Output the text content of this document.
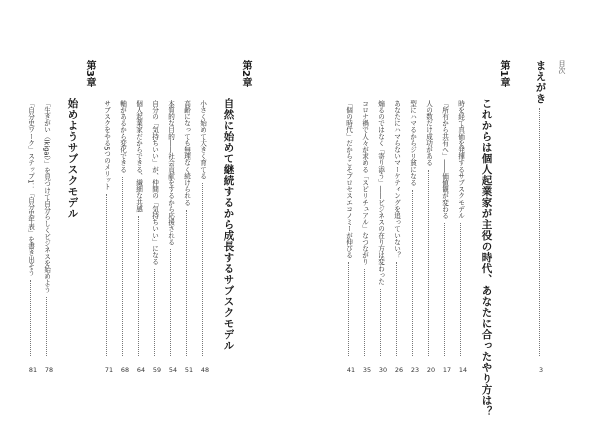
目次
まえがき
3
第1章
これからは個人起業家が主役の時代、あなたに合ったやり方は？
時を経て真価を発揮するサブスクモデル
14
「所有から共有へ」――価値観が変わる
17
人の数だけ成功がある
20
型にハマるからジリ貧になる
23
あなたにハマらないマーケティングを追っていない？
26
煽るのではなく「寄り添う」――ビジネスの在り方は変わった
30
コロナ禍で人々が求める「スピリチュアル」なつながり
35
「個の時代」だからこそプロセスエコノミーが伸びる
41
第2章
自然に始めて継続するから成長するサブスクモデル
小さく始めて大きく育てる
48
高齢になっても無理なく続けられる
51
本質的な目的――社会貢献をするから応援される
54
自分の「気持ちいい」が、仲間の「気持ちいい」になる
59
個人起業家だからできる、繊細な共感
64
軸があるから変化できる
68
サブスクをやる5つのメリット
71
第3章
始めようサブスクモデル
「生きがい（Ikigai）」を見つけて自分らしくビジネスを始めよう
78
「自分史ワーク」ステップ1：「自分史年表」を書き出そう
81
